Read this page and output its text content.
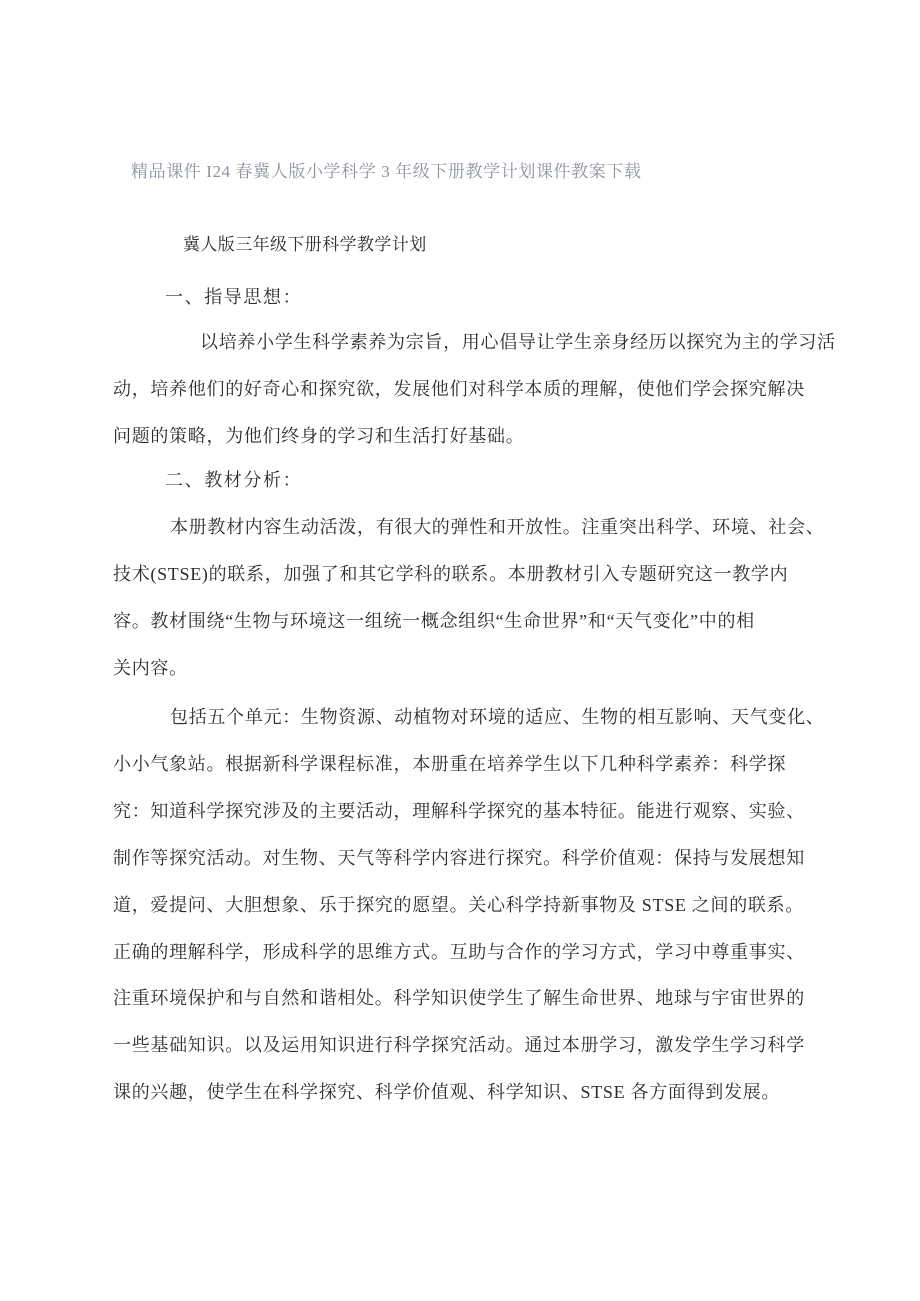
精品课件 I24 春冀人版小学科学 3 年级下册教学计划课件教案下载
冀人版三年级下册科学教学计划
一、指导思想：
以培养小学生科学素养为宗旨，用心倡导让学生亲身经历以探究为主的学习活
动，培养他们的好奇心和探究欲，发展他们对科学本质的理解，使他们学会探究解决
问题的策略，为他们终身的学习和生活打好基础。
二、教材分析：
本册教材内容生动活泼，有很大的弹性和开放性。注重突出科学、环境、社会、
技术(STSE)的联系，加强了和其它学科的联系。本册教材引入专题研究这一教学内
容。教材围绕“生物与环境这一组统一概念组织“生命世界”和“天气变化”中的相
关内容。
包括五个单元：生物资源、动植物对环境的适应、生物的相互影响、天气变化、
小小气象站。根据新科学课程标准，本册重在培养学生以下几种科学素养：科学探
究：知道科学探究涉及的主要活动，理解科学探究的基本特征。能进行观察、实验、
制作等探究活动。对生物、天气等科学内容进行探究。科学价值观：保持与发展想知
道，爱提问、大胆想象、乐于探究的愿望。关心科学持新事物及 STSE 之间的联系。
正确的理解科学，形成科学的思维方式。互助与合作的学习方式，学习中尊重事实、
注重环境保护和与自然和谐相处。科学知识使学生了解生命世界、地球与宇宙世界的
一些基础知识。以及运用知识进行科学探究活动。通过本册学习，激发学生学习科学
课的兴趣，使学生在科学探究、科学价值观、科学知识、STSE 各方面得到发展。
